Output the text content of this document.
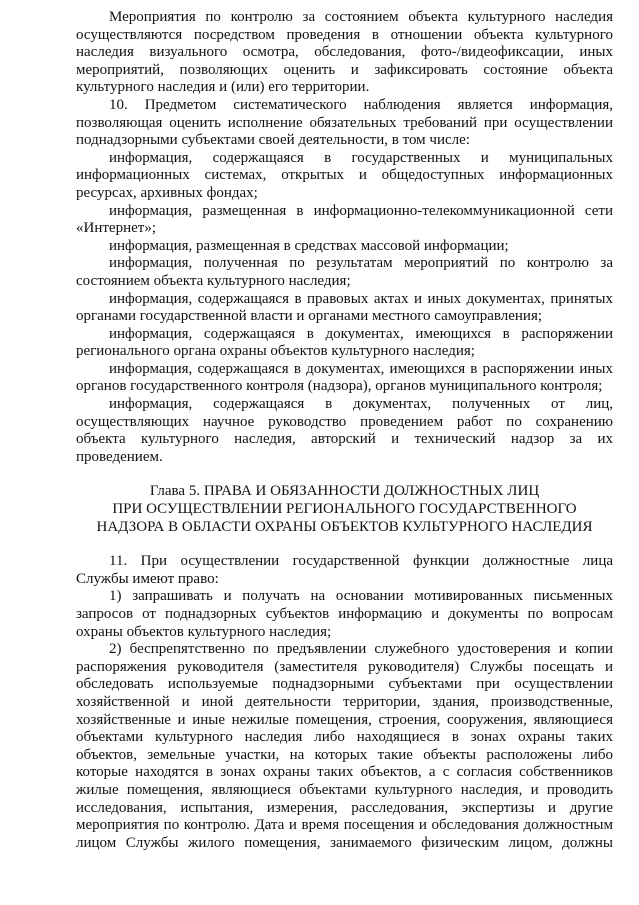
Мероприятия по контролю за состоянием объекта культурного наследия
осуществляются посредством проведения в отношении объекта культурного
наследия визуального осмотра, обследования, фото-/видеофиксации, иных
мероприятий, позволяющих оценить и зафиксировать состояние объекта
культурного наследия и (или) его территории.
10. Предметом систематического наблюдения является информация,
позволяющая оценить исполнение обязательных требований при осуществлении
поднадзорными субъектами своей деятельности, в том числе:
информация, содержащаяся в государственных и муниципальных
информационных системах, открытых и общедоступных информационных
ресурсах, архивных фондах;
информация, размещенная в информационно-телекоммуникационной сети
«Интернет»;
информация, размещенная в средствах массовой информации;
информация, полученная по результатам мероприятий по контролю за
состоянием объекта культурного наследия;
информация, содержащаяся в правовых актах и иных документах, принятых
органами государственной власти и органами местного самоуправления;
информация, содержащаяся в документах, имеющихся в распоряжении
регионального органа охраны объектов культурного наследия;
информация, содержащаяся в документах, имеющихся в распоряжении иных
органов государственного контроля (надзора), органов муниципального контроля;
информация, содержащаяся в документах, полученных от лиц,
осуществляющих научное руководство проведением работ по сохранению
объекта культурного наследия, авторский и технический надзор за их
проведением.
Глава 5. ПРАВА И ОБЯЗАННОСТИ ДОЛЖНОСТНЫХ ЛИЦ
ПРИ ОСУЩЕСТВЛЕНИИ РЕГИОНАЛЬНОГО ГОСУДАРСТВЕННОГО
НАДЗОРА В ОБЛАСТИ ОХРАНЫ ОБЪЕКТОВ КУЛЬТУРНОГО НАСЛЕДИЯ
11. При осуществлении государственной функции должностные лица
Службы имеют право:
1) запрашивать и получать на основании мотивированных письменных
запросов от поднадзорных субъектов информацию и документы по вопросам
охраны объектов культурного наследия;
2) беспрепятственно по предъявлении служебного удостоверения и копии
распоряжения руководителя (заместителя руководителя) Службы посещать и
обследовать используемые поднадзорными субъектами при осуществлении
хозяйственной и иной деятельности территории, здания, производственные,
хозяйственные и иные нежилые помещения, строения, сооружения, являющиеся
объектами культурного наследия либо находящиеся в зонах охраны таких
объектов, земельные участки, на которых такие объекты расположены либо
которые находятся в зонах охраны таких объектов, а с согласия собственников
жилые помещения, являющиеся объектами культурного наследия, и проводить
исследования, испытания, измерения, расследования, экспертизы и другие
мероприятия по контролю. Дата и время посещения и обследования должностным
лицом Службы жилого помещения, занимаемого физическим лицом, должны
